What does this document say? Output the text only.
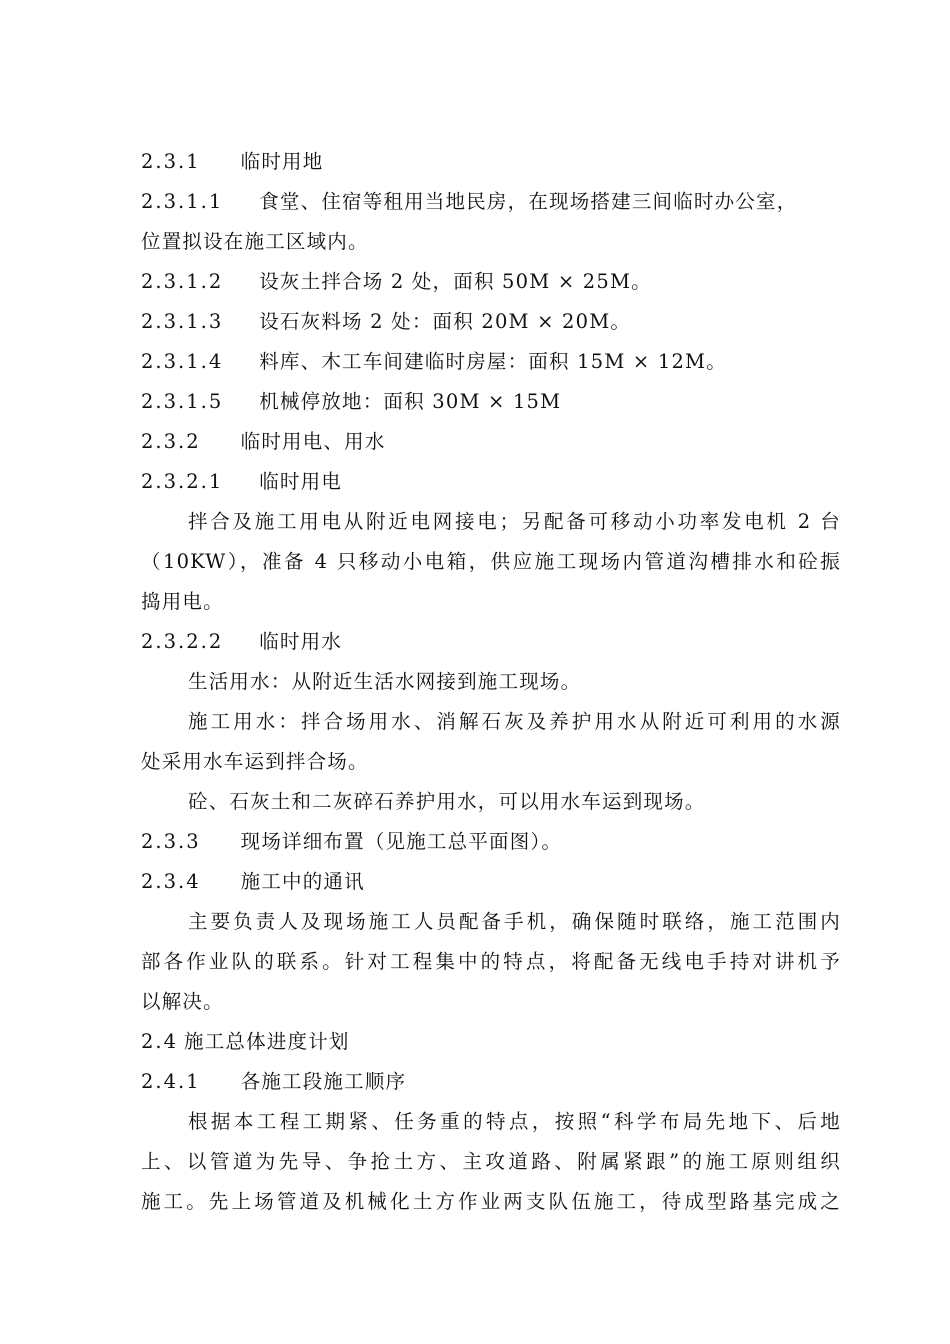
2.3.1 临时用地
2.3.1.1 食堂、住宿等租用当地民房，在现场搭建三间临时办公室，
位置拟设在施工区域内。
2.3.1.2 设灰土拌合场 2 处，面积 50M × 25M。
2.3.1.3 设石灰料场 2 处：面积 20M × 20M。
2.3.1.4 料库、木工车间建临时房屋：面积 15M × 12M。
2.3.1.5 机械停放地：面积 30M × 15M
2.3.2 临时用电、用水
2.3.2.1 临时用电
拌合及施工用电从附近电网接电；另配备可移动小功率发电机 2 台
（10KW），准备 4 只移动小电箱，供应施工现场内管道沟槽排水和砼振
捣用电。
2.3.2.2 临时用水
生活用水：从附近生活水网接到施工现场。
施工用水：拌合场用水、消解石灰及养护用水从附近可利用的水源
处采用水车运到拌合场。
砼、石灰土和二灰碎石养护用水，可以用水车运到现场。
2.3.3 现场详细布置（见施工总平面图）。
2.3.4 施工中的通讯
主要负责人及现场施工人员配备手机，确保随时联络，施工范围内
部各作业队的联系。针对工程集中的特点，将配备无线电手持对讲机予
以解决。
2.4 施工总体进度计划
2.4.1 各施工段施工顺序
根据本工程工期紧、任务重的特点，按照“科学布局先地下、后地
上、以管道为先导、争抢土方、主攻道路、附属紧跟”的施工原则组织
施工。先上场管道及机械化土方作业两支队伍施工，待成型路基完成之
